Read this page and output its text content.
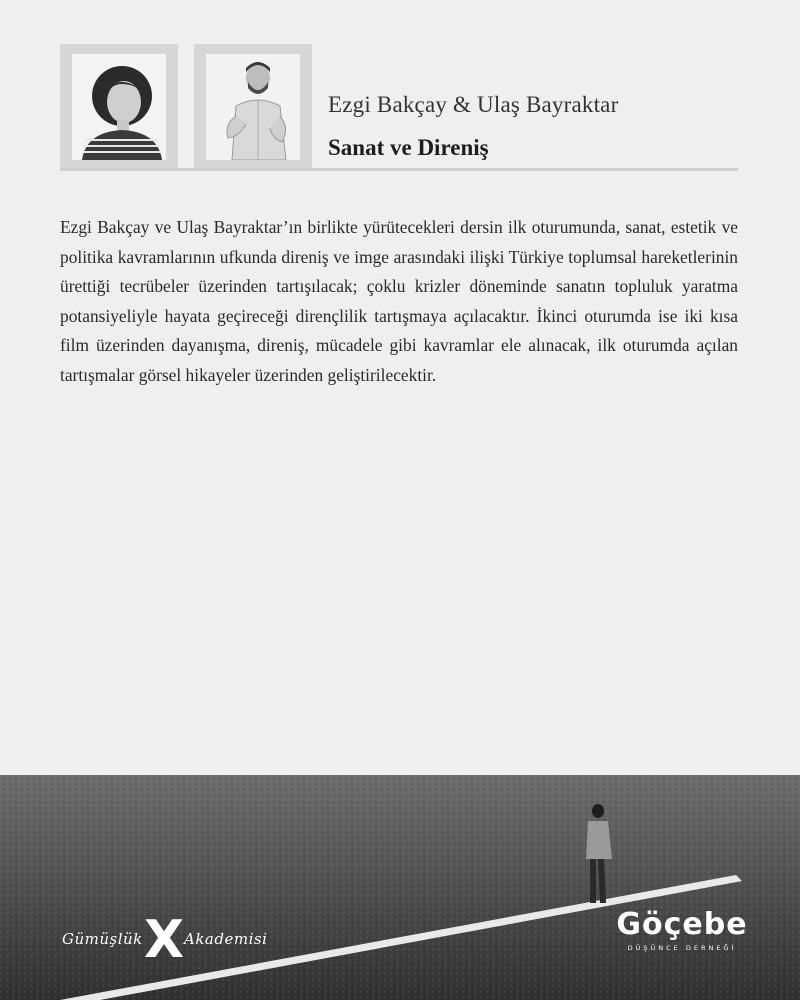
Ezgi Bakçay & Ulaş Bayraktar
Sanat ve Direniş
Ezgi Bakçay ve Ulaş Bayraktar’ın birlikte yürütecekleri dersin ilk oturumunda, sanat, estetik ve politika kavramlarının ufkunda direniş ve imge arasındaki ilişki Türkiye toplumsal hareketlerinin ürettiği tecrübeler üzerinden tartışılacak; çoklu krizler döneminde sanatın topluluk yaratma potansiyeliyle hayata geçireceği dirençlilik tartışmaya açılacaktır. İkinci oturumda ise iki kısa film üzerinden dayanışma, direniş, mücadele gibi kavramlar ele alınacak, ilk oturumda açılan tartışmalar görsel hikayeler üzerinden geliştirilecektir.
Gümüşlük X Akademisi	Göçebe
DÜŞÜNCE DERNEĞİ
